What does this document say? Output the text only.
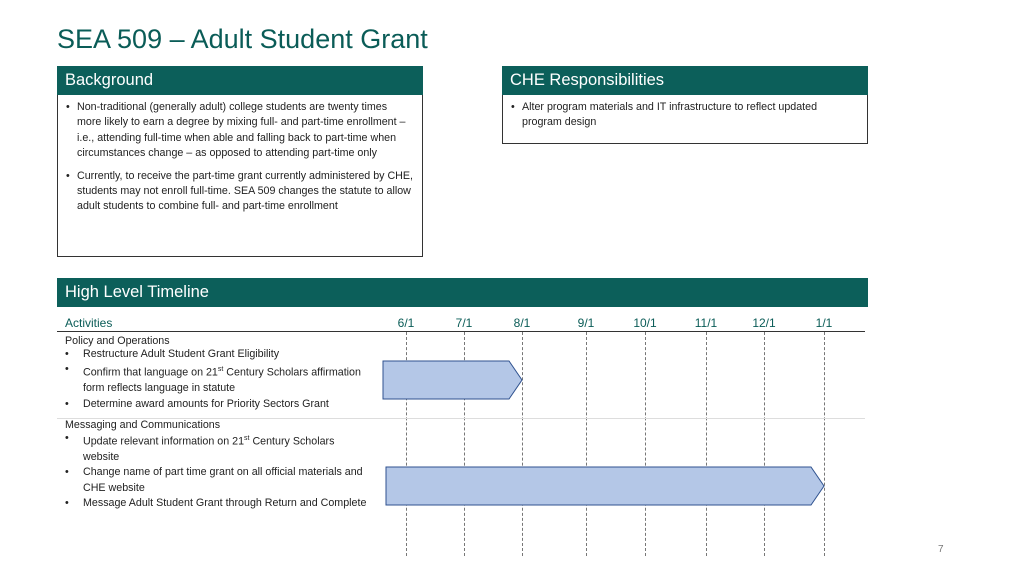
SEA 509 – Adult Student Grant
Background
• Non-traditional (generally adult) college students are twenty times more likely to earn a degree by mixing full- and part-time enrollment – i.e., attending full-time when able and falling back to part-time when circumstances change – as opposed to attending part-time only
• Currently, to receive the part-time grant currently administered by CHE, students may not enroll full-time. SEA 509 changes the statute to allow adult students to combine full- and part-time enrollment
CHE Responsibilities
• Alter program materials and IT infrastructure to reflect updated program design
High Level Timeline
Activities	6/1	7/1	8/1	9/1	10/1	11/1	12/1	1/1
Policy and Operations
• Restructure Adult Student Grant Eligibility
• Confirm that language on 21st Century Scholars affirmation form reflects language in statute
• Determine award amounts for Priority Sectors Grant
Messaging and Communications
• Update relevant information on 21st Century Scholars website
• Change name of part time grant on all official materials and CHE website
• Message Adult Student Grant through Return and Complete
7
